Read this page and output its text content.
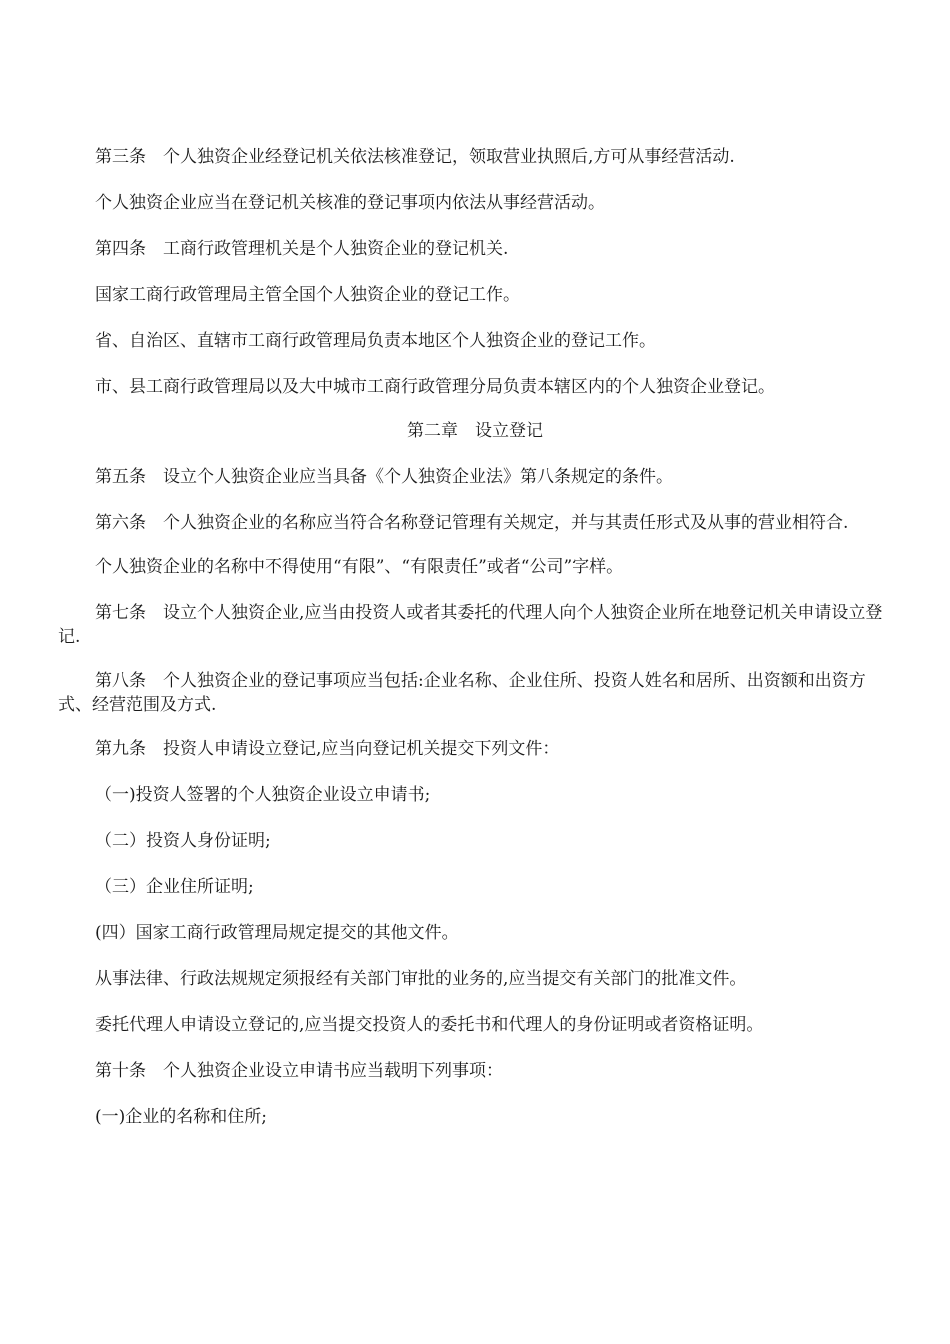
第三条　个人独资企业经登记机关依法核准登记，领取营业执照后,方可从事经营活动.

个人独资企业应当在登记机关核准的登记事项内依法从事经营活动。

第四条　工商行政管理机关是个人独资企业的登记机关.

国家工商行政管理局主管全国个人独资企业的登记工作。

省、自治区、直辖市工商行政管理局负责本地区个人独资企业的登记工作。

市、县工商行政管理局以及大中城市工商行政管理分局负责本辖区内的个人独资企业登记。

第二章　设立登记

第五条　设立个人独资企业应当具备《个人独资企业法》第八条规定的条件。

第六条　个人独资企业的名称应当符合名称登记管理有关规定，并与其责任形式及从事的营业相符合.

个人独资企业的名称中不得使用“有限”、“有限责任”或者“公司”字样。

第七条　设立个人独资企业,应当由投资人或者其委托的代理人向个人独资企业所在地登记机关申请设立登记.

第八条　个人独资企业的登记事项应当包括:企业名称、企业住所、投资人姓名和居所、出资额和出资方式、经营范围及方式.

第九条　投资人申请设立登记,应当向登记机关提交下列文件：

（一)投资人签署的个人独资企业设立申请书;

（二）投资人身份证明;

（三）企业住所证明;

(四）国家工商行政管理局规定提交的其他文件。

从事法律、行政法规规定须报经有关部门审批的业务的,应当提交有关部门的批准文件。

委托代理人申请设立登记的,应当提交投资人的委托书和代理人的身份证明或者资格证明。

第十条　个人独资企业设立申请书应当载明下列事项：

(一)企业的名称和住所;
